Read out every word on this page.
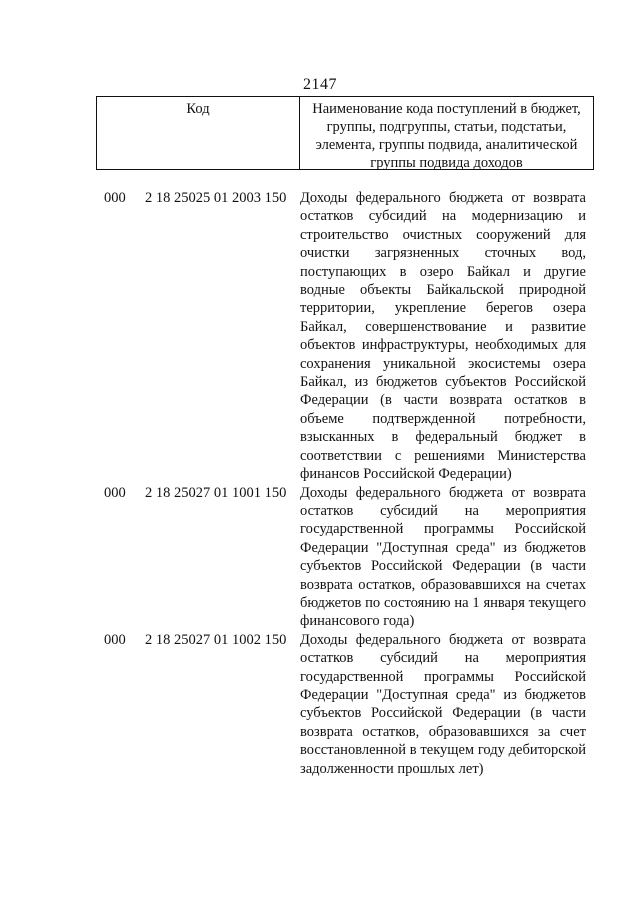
2147
Код	Наименование кода поступлений в бюджет, группы, подгруппы, статьи, подстатьи, элемента, группы подвида, аналитической группы подвида доходов
000 2 18 25025 01 2003 150 Доходы федерального бюджета от возврата остатков субсидий на модернизацию и строительство очистных сооружений для очистки загрязненных сточных вод, поступающих в озеро Байкал и другие водные объекты Байкальской природной территории, укрепление берегов озера Байкал, совершенствование и развитие объектов инфраструктуры, необходимых для сохранения уникальной экосистемы озера Байкал, из бюджетов субъектов Российской Федерации (в части возврата остатков в объеме подтвержденной потребности, взысканных в федеральный бюджет в соответствии с решениями Министерства финансов Российской Федерации)
000 2 18 25027 01 1001 150 Доходы федерального бюджета от возврата остатков субсидий на мероприятия государственной программы Российской Федерации "Доступная среда" из бюджетов субъектов Российской Федерации (в части возврата остатков, образовавшихся на счетах бюджетов по состоянию на 1 января текущего финансового года)
000 2 18 25027 01 1002 150 Доходы федерального бюджета от возврата остатков субсидий на мероприятия государственной программы Российской Федерации "Доступная среда" из бюджетов субъектов Российской Федерации (в части возврата остатков, образовавшихся за счет восстановленной в текущем году дебиторской задолженности прошлых лет)
